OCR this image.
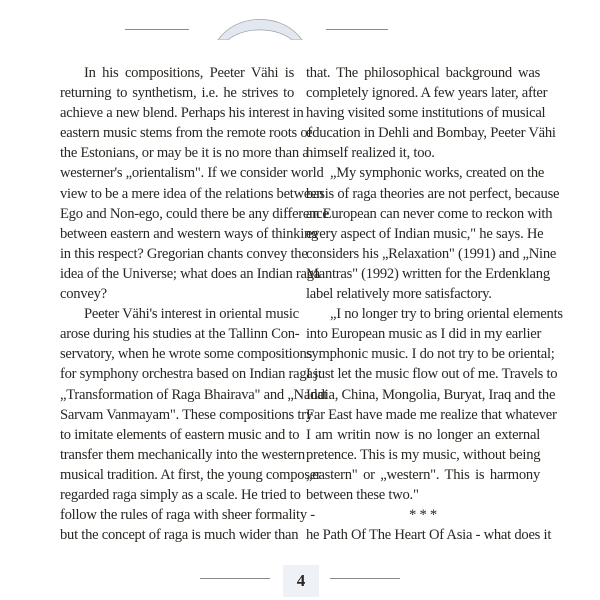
In his compositions, Peeter Vähi is
returning to synthetism, i.e. he strives to
achieve a new blend. Perhaps his interest in
eastern music stems from the remote roots of
the Estonians, or may be it is no more than a
westerner's „orientalism". If we consider world
view to be a mere idea of the relations between
Ego and Non-ego, could there be any difference
between eastern and western ways of thinking
in this respect? Gregorian chants convey the
idea of the Universe; what does an Indian raga
convey?
Peeter Vähi's interest in oriental music
arose during his studies at the Tallinn Con-
servatory, when he wrote some compositions
for symphony orchestra based on Indian ragas:
„Transformation of Raga Bhairava" and „Nadat
Sarvam Vanmayam". These compositions try
to imitate elements of eastern music and to
transfer them mechanically into the western
musical tradition. At first, the young composer
regarded raga simply as a scale. He tried to
follow the rules of raga with sheer formality -
but the concept of raga is much wider than
that. The philosophical background was
completely ignored. A few years later, after
having visited some institutions of musical
education in Dehli and Bombay, Peeter Vähi
himself realized it, too.
„My symphonic works, created on the
basis of raga theories are not perfect, because
an European can never come to reckon with
every aspect of Indian music," he says. He
considers his „Relaxation" (1991) and „Nine
Mantras" (1992) written for the Erdenklang
label relatively more satisfactory.
„I no longer try to bring oriental elements
into European music as I did in my earlier
symphonic music. I do not try to be oriental;
I just let the music flow out of me. Travels to
India, China, Mongolia, Buryat, Iraq and the
Far East have made me realize that whatever
I am writin now is no longer an external
pretence. This is my music, without being
„eastern" or „western". This is harmony
between these two."
* * *
he Path Of The Heart Of Asia - what does it
4
